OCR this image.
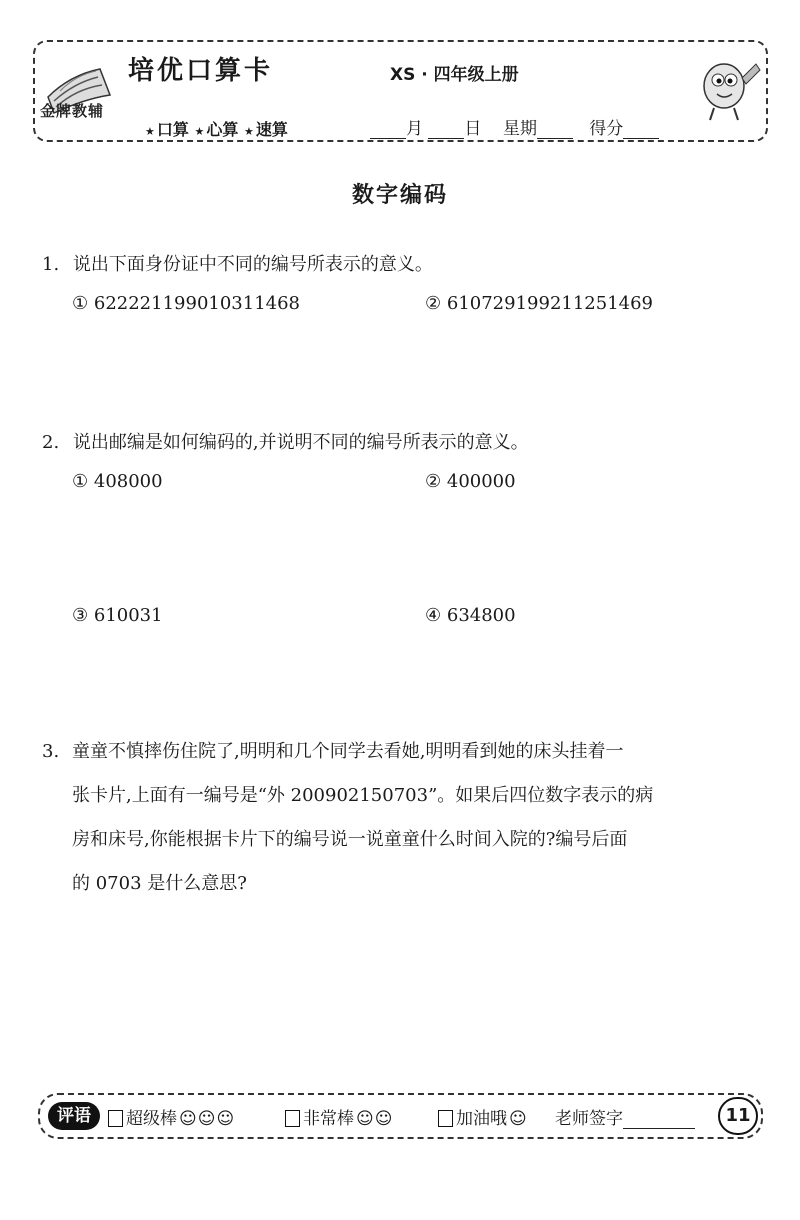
金牌教辅
培优口算卡	XS · 四年级上册
★ 口算 ★ 心算 ★ 速算	月 日 星期	得分
数字编码
1. 说出下面身份证中不同的编号所表示的意义。
① 622221199010311468	② 610729199211251469
2. 说出邮编是如何编码的,并说明不同的编号所表示的意义。
① 408000	② 400000
③ 610031	④ 634800
3. 童童不慎摔伤住院了,明明和几个同学去看她,明明看到她的床头挂着一
张卡片,上面有一编号是“外 200902150703”。如果后四位数字表示的病
房和床号,你能根据卡片下的编号说一说童童什么时间入院的?编号后面
的 0703 是什么意思?
评语	超级棒 ☺☺☺	非常棒 ☺☺	加油哦 ☺ 老师签字	11
